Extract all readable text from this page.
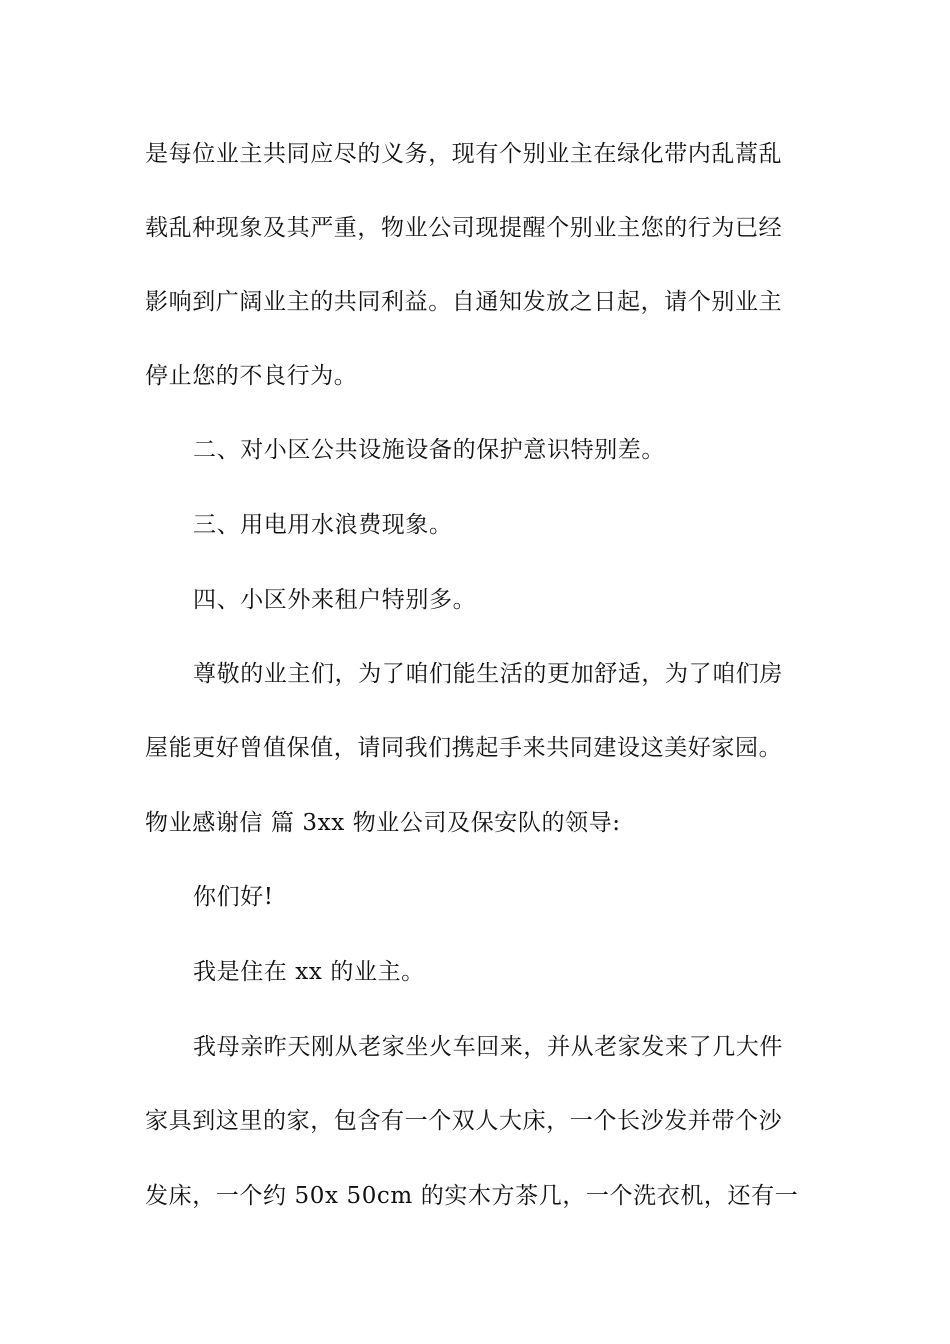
是每位业主共同应尽的义务，现有个别业主在绿化带内乱蒿乱
载乱种现象及其严重，物业公司现提醒个别业主您的行为已经
影响到广阔业主的共同利益。自通知发放之日起，请个别业主
停止您的不良行为。
二、对小区公共设施设备的保护意识特别差。
三、用电用水浪费现象。
四、小区外来租户特别多。
尊敬的业主们，为了咱们能生活的更加舒适，为了咱们房
屋能更好曾值保值，请同我们携起手来共同建设这美好家园。
物业感谢信 篇 3xx 物业公司及保安队的领导:
你们好!
我是住在 xx 的业主。
我母亲昨天刚从老家坐火车回来，并从老家发来了几大件
家具到这里的家，包含有一个双人大床，一个长沙发并带个沙
发床，一个约 50x 50cm 的实木方茶几，一个洗衣机，还有一
